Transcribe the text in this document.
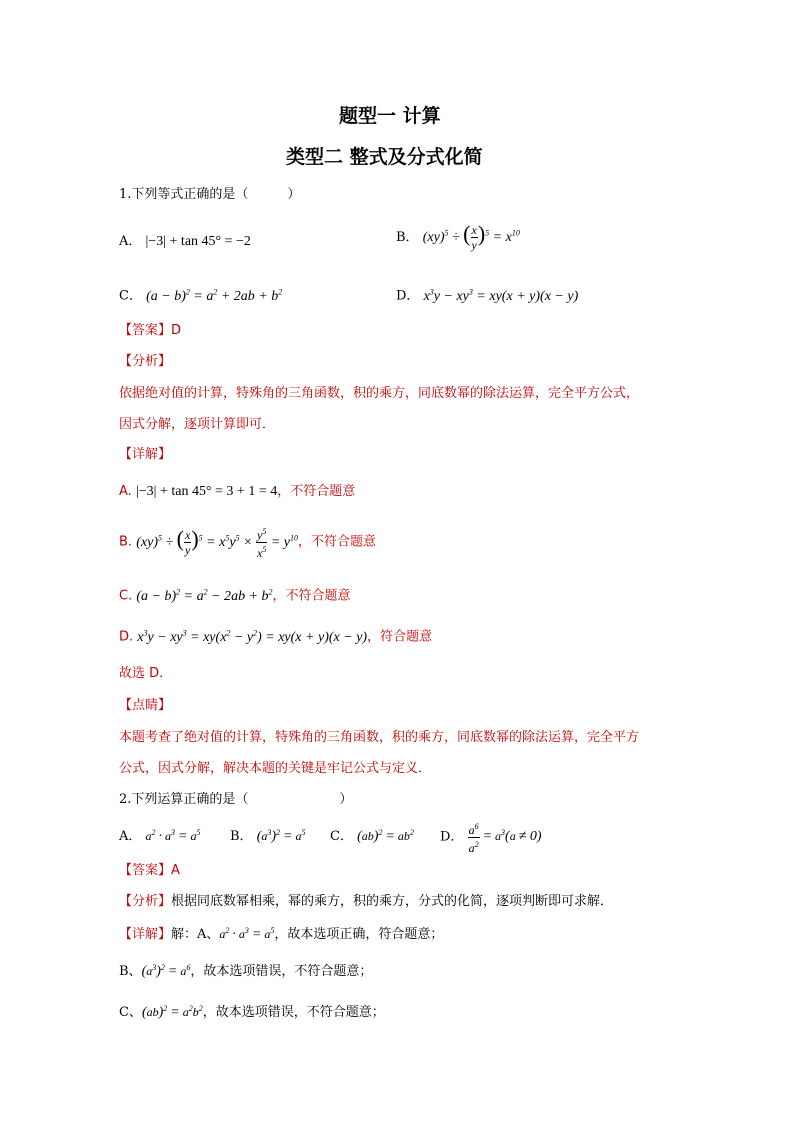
题型一 计算
类型二 整式及分式化简
1.下列等式正确的是（　　　）
A． |−3| + tan 45° = −2	B． (xy)$^5$ ÷ ( $\frac{x}{y} )^5 = x^{10}$
C． $(a - b)^2 = a^2 + 2ab + b^2$	D． $x^3y - xy^3 = xy(x + y)(x - y)$
【答案】D
【分析】
依据绝对值的计算，特殊角的三角函数，积的乘方，同底数幂的除法运算，完全平方公式，
因式分解，逐项计算即可．
【详解】
A. |−3| + tan 45° = 3 + 1 = 4，不符合题意
B. (xy)$^5$ ÷ ( $\frac{x}{y} )^5 = x^5y^5 \times \frac{y^5}{x^5} = y^{10}$，不符合题意
C. $(a - b)^2 = a^2 - 2ab + b^2$，不符合题意
D. $x^3y - xy^3 = xy(x^2 - y^2) = xy(x + y)(x - y)$，符合题意
故选 D．
【点睛】
本题考查了绝对值的计算，特殊角的三角函数，积的乘方，同底数幂的除法运算，完全平方
公式，因式分解，解决本题的关键是牢记公式与定义．
2.下列运算正确的是（　　　　　　　）
A． $a^2 \cdot a^3 = a^5$ B． $(a^3)^2 = a^5$ C． $(ab)^2 = ab^2$ D． $\frac{a^6}{a^2} = a^3(a \ne 0)$
【答案】A
【分析】根据同底数幂相乘，幂的乘方，积的乘方，分式的化简，逐项判断即可求解．
【详解】解：A、$a^2 \cdot a^3 = a^5$，故本选项正确，符合题意；
B、$(a^3)^2 = a^6$，故本选项错误，不符合题意；
C、$(ab)^2 = a^2b^2$，故本选项错误，不符合题意；
